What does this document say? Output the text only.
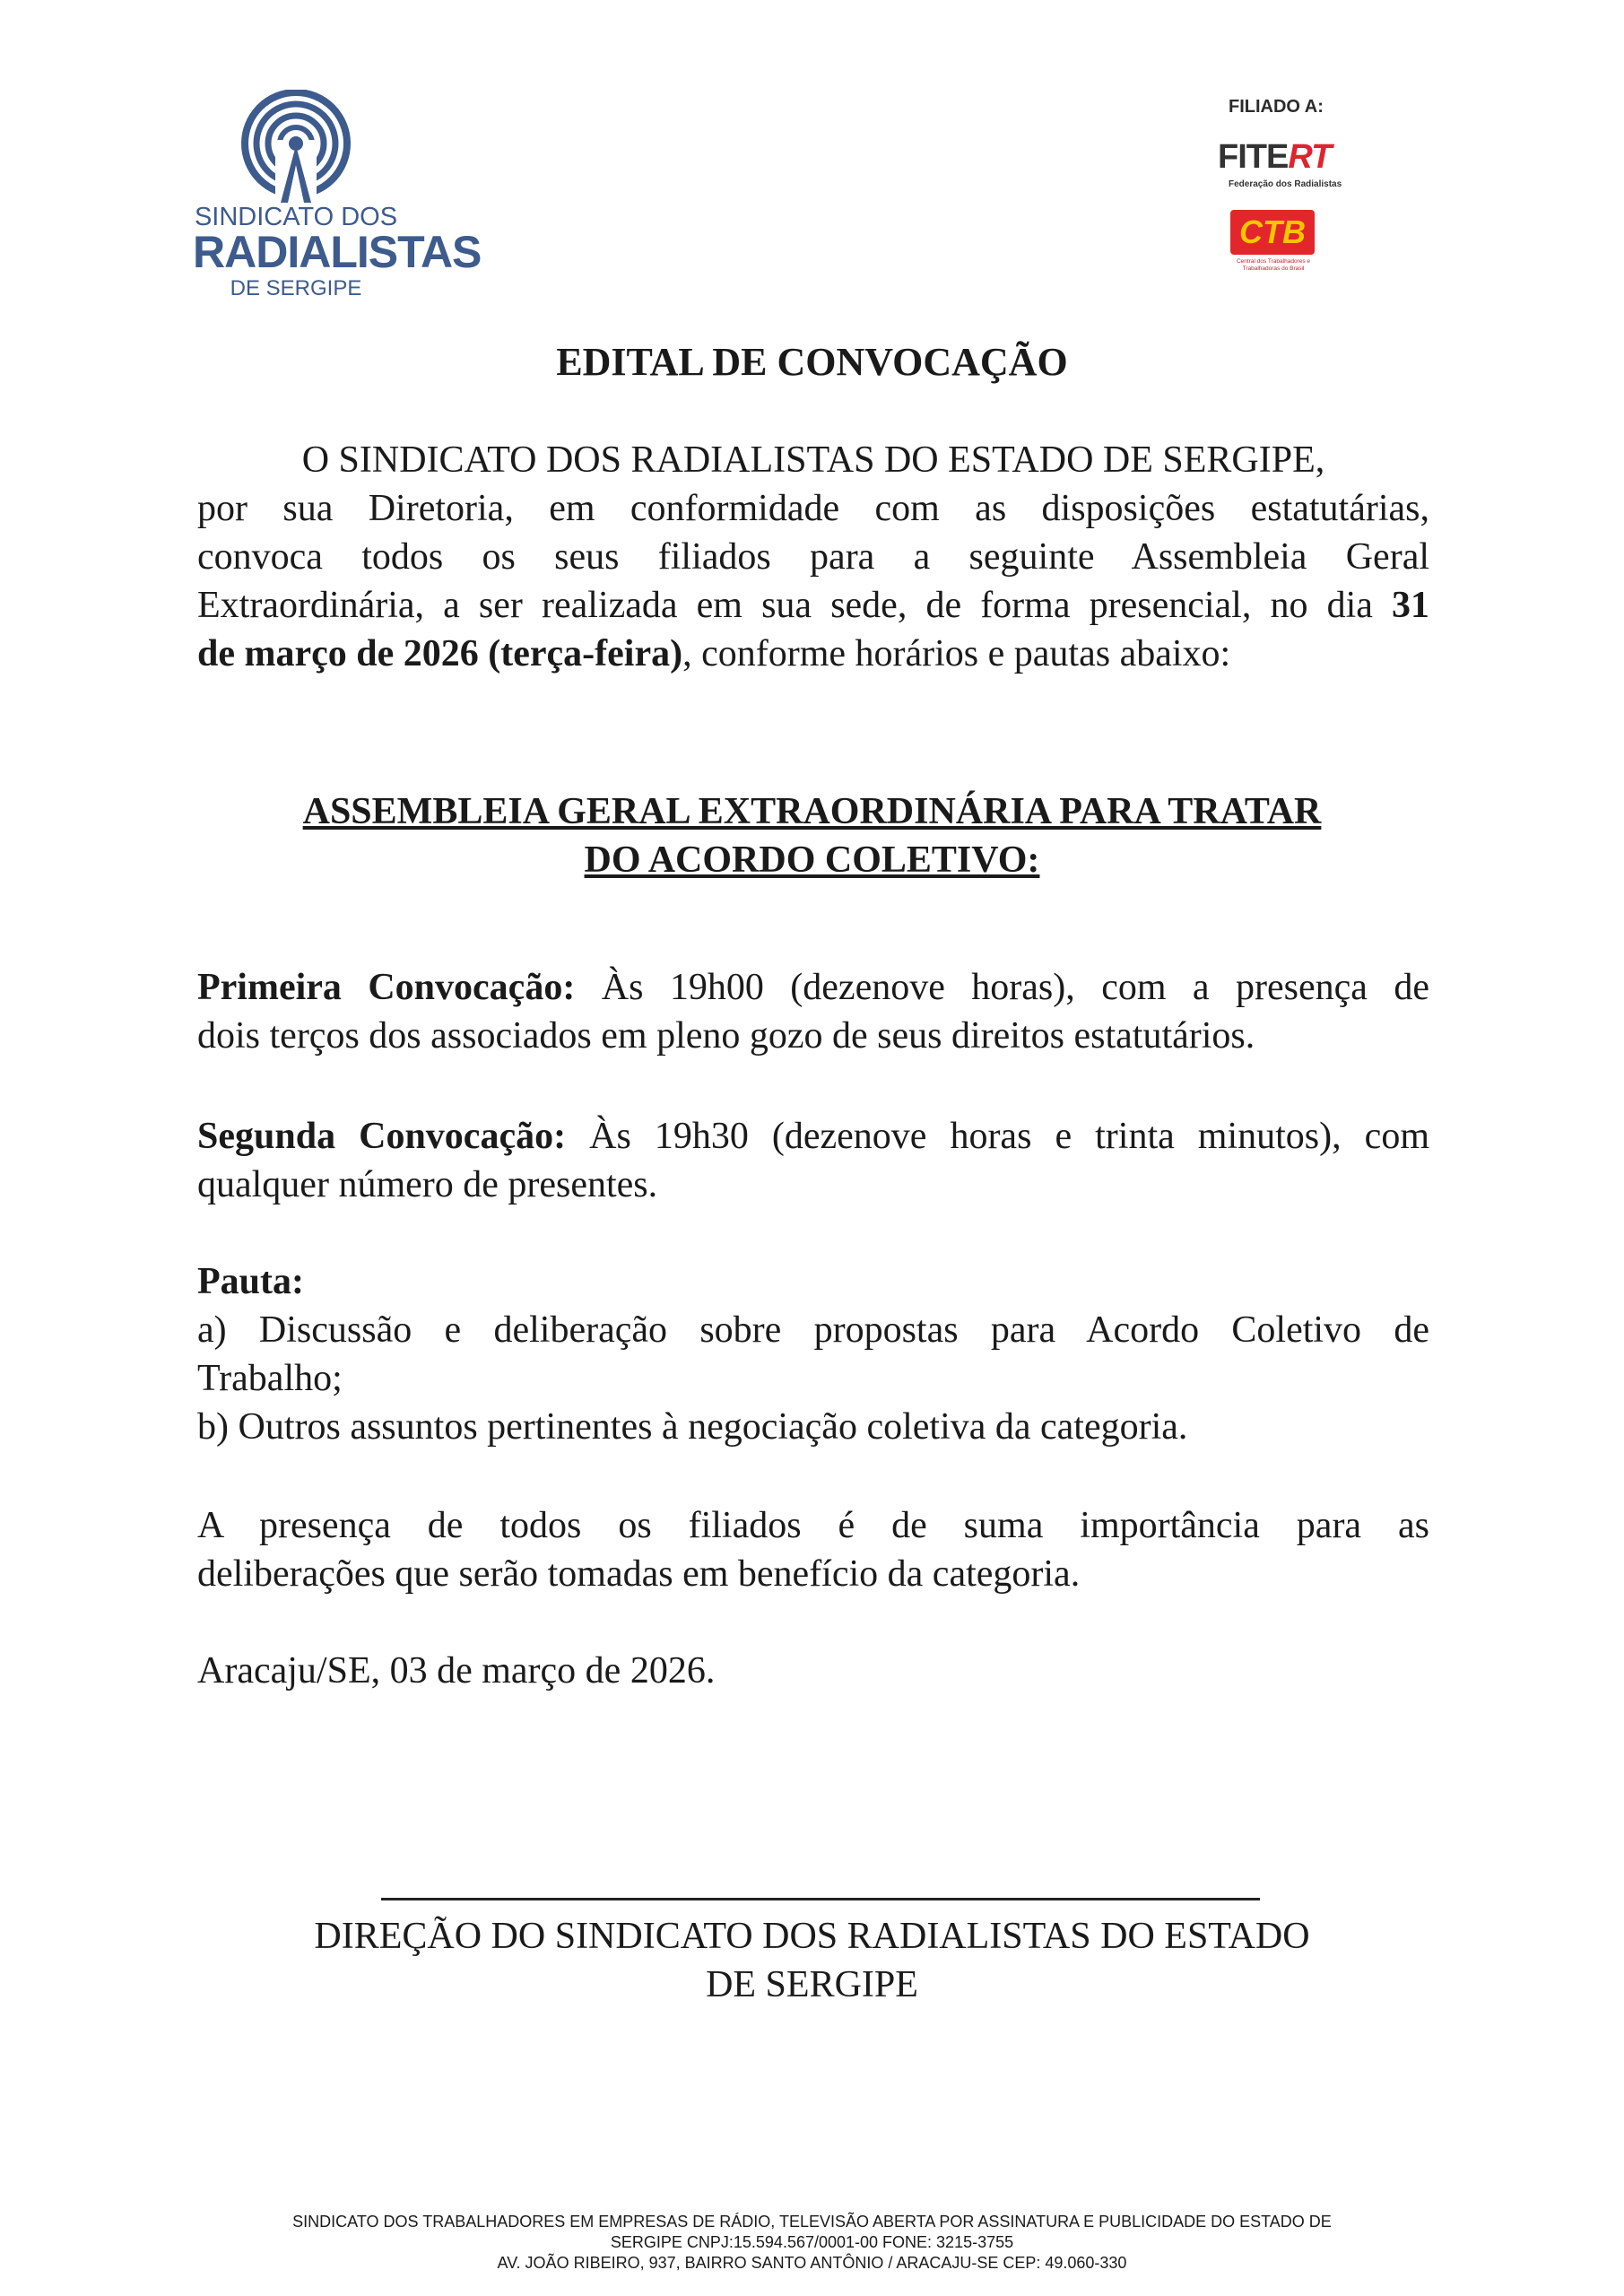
SINDICATO DOS
RADIALISTAS
DE SERGIPE
FILIADO A:
FITERT
Federação dos Radialistas
CTB
Central dos Trabalhadores e Trabalhadoras do Brasil
EDITAL DE CONVOCAÇÃO
O SINDICATO DOS RADIALISTAS DO ESTADO DE SERGIPE,
por sua Diretoria, em conformidade com as disposições estatutárias,
convoca todos os seus filiados para a seguinte Assembleia Geral
Extraordinária, a ser realizada em sua sede, de forma presencial, no dia 31
de março de 2026 (terça-feira), conforme horários e pautas abaixo:
ASSEMBLEIA GERAL EXTRAORDINÁRIA PARA TRATAR
DO ACORDO COLETIVO:
Primeira Convocação: Às 19h00 (dezenove horas), com a presença de
dois terços dos associados em pleno gozo de seus direitos estatutários.
Segunda Convocação: Às 19h30 (dezenove horas e trinta minutos), com
qualquer número de presentes.
Pauta:
a) Discussão e deliberação sobre propostas para Acordo Coletivo de
Trabalho;
b) Outros assuntos pertinentes à negociação coletiva da categoria.
A presença de todos os filiados é de suma importância para as
deliberações que serão tomadas em benefício da categoria.
Aracaju/SE, 03 de março de 2026.
DIREÇÃO DO SINDICATO DOS RADIALISTAS DO ESTADO
DE SERGIPE
SINDICATO DOS TRABALHADORES EM EMPRESAS DE RÁDIO, TELEVISÃO ABERTA POR ASSINATURA E PUBLICIDADE DO ESTADO DE
SERGIPE CNPJ:15.594.567/0001-00 FONE: 3215-3755
AV. JOÃO RIBEIRO, 937, BAIRRO SANTO ANTÔNIO / ARACAJU-SE CEP: 49.060-330
